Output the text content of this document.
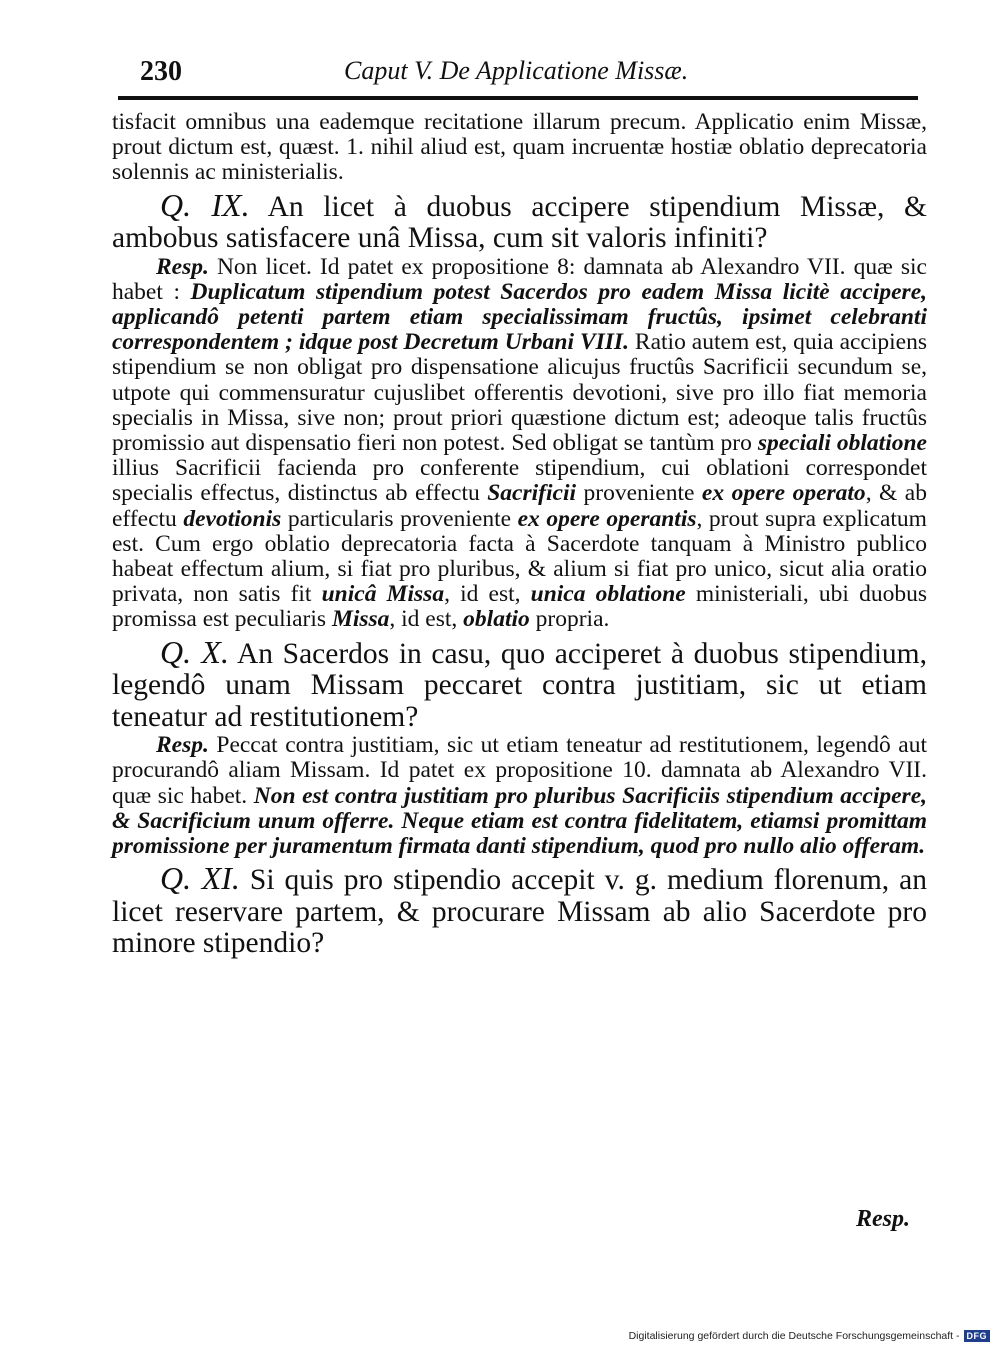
230	Caput V. De Applicatione Missæ.

tisfacit omnibus una eademque recitatione illarum precum. Applicatio enim Missæ, prout dictum est, quæst. 1. nihil aliud est, quam incruentæ hostiæ oblatio deprecatoria solennis ac ministerialis.

Q. IX. An licet à duobus accipere stipendium Missæ, & ambobus satisfacere unâ Missa, cum sit valoris infiniti?

Resp. Non licet. Id patet ex propositione 8: damnata ab Alexandro VII. quæ sic habet : Duplicatum stipendium potest Sacerdos pro eadem Missa licitè accipere, applicandô petenti partem etiam specialissimam fructûs, ipsimet celebranti correspondentem ; idque post Decretum Urbani VIII. Ratio autem est, quia accipiens stipendium se non obligat pro dispensatione alicujus fructûs Sacrificii secundum se, utpote qui commensuratur cujuslibet offerentis devotioni, sive pro illo fiat memoria specialis in Missa, sive non; prout priori quæstione dictum est; adeoque talis fructûs promissio aut dispensatio fieri non potest. Sed obligat se tantùm pro speciali oblatione illius Sacrificii facienda pro conferente stipendium, cui oblationi correspondet specialis effectus, distinctus ab effectu Sacrificii proveniente ex opere operato, & ab effectu devotionis particularis proveniente ex opere operantis, prout supra explicatum est. Cum ergo oblatio deprecatoria facta à Sacerdote tanquam à Ministro publico habeat effectum alium, si fiat pro pluribus, & alium si fiat pro unico, sicut alia oratio privata, non satis fit unicâ Missa, id est, unica oblatione ministeriali, ubi duobus promissa est peculiaris Missa, id est, oblatio propria.

Q. X. An Sacerdos in casu, quo acciperet à duobus stipendium, legendô unam Missam peccaret contra justitiam, sic ut etiam teneatur ad restitutionem?

Resp. Peccat contra justitiam, sic ut etiam teneatur ad restitutionem, legendô aut procurandô aliam Missam. Id patet ex propositione 10. damnata ab Alexandro VII. quæ sic habet. Non est contra justitiam pro pluribus Sacrificiis stipendium accipere, & Sacrificium unum offerre. Neque etiam est contra fidelitatem, etiamsi promittam promissione per juramentum firmata danti stipendium, quod pro nullo alio offeram.

Q. XI. Si quis pro stipendio accepit v. g. medium florenum, an licet reservare partem, & procurare Missam ab alio Sacerdote pro minore stipendio?

Resp.
Digitalisierung gefördert durch die Deutsche Forschungsgemeinschaft - DFG
